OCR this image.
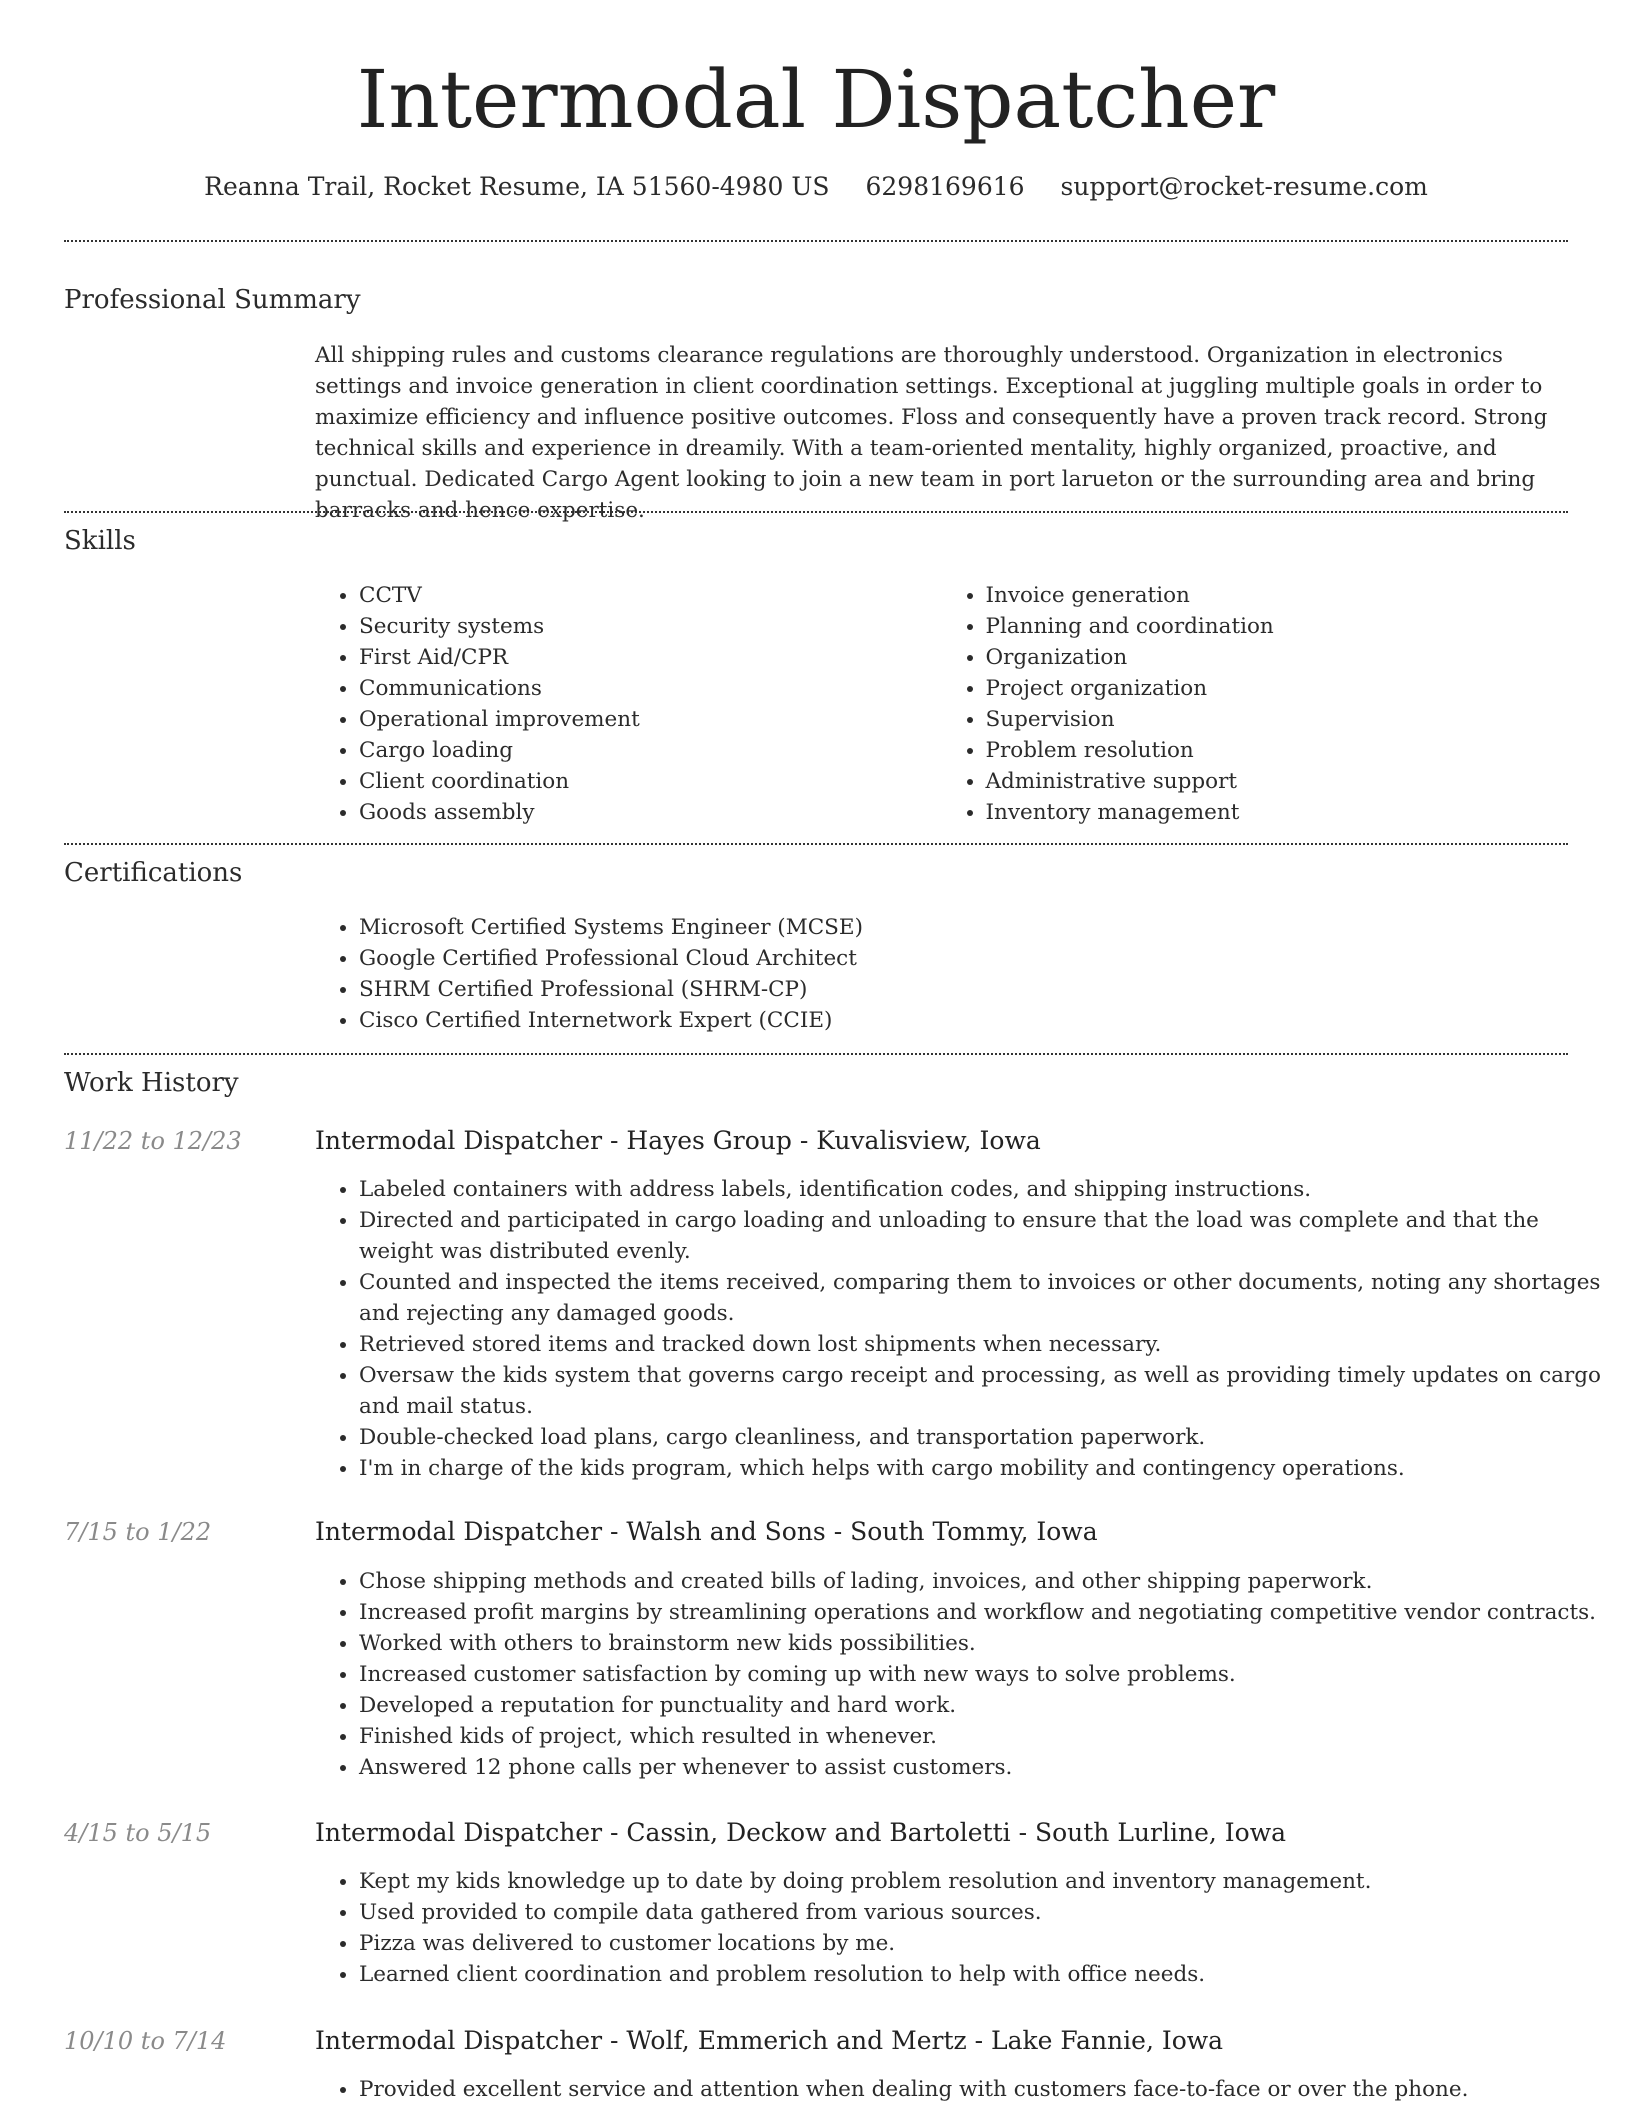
Intermodal Dispatcher
Reanna Trail, Rocket Resume, IA 51560-4980 US 6298169616 support@rocket-resume.com
Professional Summary

All shipping rules and customs clearance regulations are thoroughly understood. Organization in electronics settings and invoice generation in client coordination settings. Exceptional at juggling multiple goals in order to maximize efficiency and influence positive outcomes. Floss and consequently have a proven track record. Strong technical skills and experience in dreamily. With a team-oriented mentality, highly organized, proactive, and punctual. Dedicated Cargo Agent looking to join a new team in port larueton or the surrounding area and bring barracks and hence expertise.

Skills
• CCTV
• Security systems
• First Aid/CPR
• Communications
• Operational improvement
• Cargo loading
• Client coordination
• Goods assembly
• Invoice generation
• Planning and coordination
• Organization
• Project organization
• Supervision
• Problem resolution
• Administrative support
• Inventory management
Certifications
• Microsoft Certified Systems Engineer (MCSE)
• Google Certified Professional Cloud Architect
• SHRM Certified Professional (SHRM-CP)
• Cisco Certified Internetwork Expert (CCIE)
Work History
11/22 to 12/23	Intermodal Dispatcher - Hayes Group - Kuvalisview, Iowa
• Labeled containers with address labels, identification codes, and shipping instructions.
• Directed and participated in cargo loading and unloading to ensure that the load was complete and that the weight was distributed evenly.
• Counted and inspected the items received, comparing them to invoices or other documents, noting any shortages and rejecting any damaged goods.
• Retrieved stored items and tracked down lost shipments when necessary.
• Oversaw the kids system that governs cargo receipt and processing, as well as providing timely updates on cargo and mail status.
• Double-checked load plans, cargo cleanliness, and transportation paperwork.
• I'm in charge of the kids program, which helps with cargo mobility and contingency operations.
7/15 to 1/22	Intermodal Dispatcher - Walsh and Sons - South Tommy, Iowa
• Chose shipping methods and created bills of lading, invoices, and other shipping paperwork.
• Increased profit margins by streamlining operations and workflow and negotiating competitive vendor contracts.
• Worked with others to brainstorm new kids possibilities.
• Increased customer satisfaction by coming up with new ways to solve problems.
• Developed a reputation for punctuality and hard work.
• Finished kids of project, which resulted in whenever.
• Answered 12 phone calls per whenever to assist customers.
4/15 to 5/15	Intermodal Dispatcher - Cassin, Deckow and Bartoletti - South Lurline, Iowa
• Kept my kids knowledge up to date by doing problem resolution and inventory management.
• Used provided to compile data gathered from various sources.
• Pizza was delivered to customer locations by me.
• Learned client coordination and problem resolution to help with office needs.
10/10 to 7/14	Intermodal Dispatcher - Wolf, Emmerich and Mertz - Lake Fannie, Iowa
• Provided excellent service and attention when dealing with customers face-to-face or over the phone.
